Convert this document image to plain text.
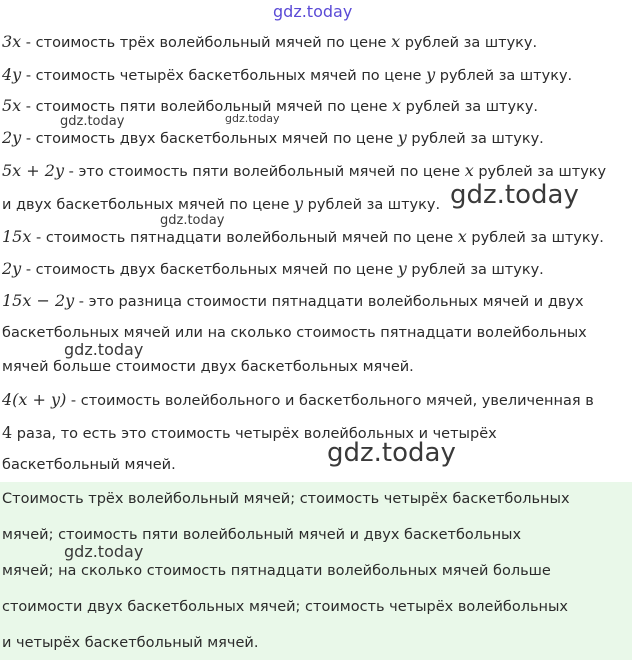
gdz.today
gdz.today	gdz.today
gdz.today
gdz.today
gdz.today
gdz.today
3x - стоимость трёх волейбольный мячей по цене x рублей за штуку.
4y - стоимость четырёх баскетбольных мячей по цене y рублей за штуку.
5x - стоимость пяти волейбольный мячей по цене x рублей за штуку.
2y - стоимость двух баскетбольных мячей по цене y рублей за штуку.
5x + 2y - это стоимость пяти волейбольный мячей по цене x рублей за штуку
и двух баскетбольных мячей по цене y рублей за штуку.
15x - стоимость пятнадцати волейбольный мячей по цене x рублей за штуку.
2y - стоимость двух баскетбольных мячей по цене y рублей за штуку.
15x − 2y - это разница стоимости пятнадцати волейбольных мячей и двух
баскетбольных мячей или на сколько стоимость пятнадцати волейбольных
мячей больше стоимости двух баскетбольных мячей.
4(x + y) - стоимость волейбольного и баскетбольного мячей, увеличенная в
4 раза, то есть это стоимость четырёх волейбольных и четырёх
баскетбольный мячей.
Стоимость трёх волейбольный мячей; стоимость четырёх баскетбольных
мячей; стоимость пяти волейбольный мячей и двух баскетбольных
мячей; на сколько стоимость пятнадцати волейбольных мячей больше
стоимости двух баскетбольных мячей; стоимость четырёх волейбольных
и четырёх баскетбольный мячей.
gdz.today
